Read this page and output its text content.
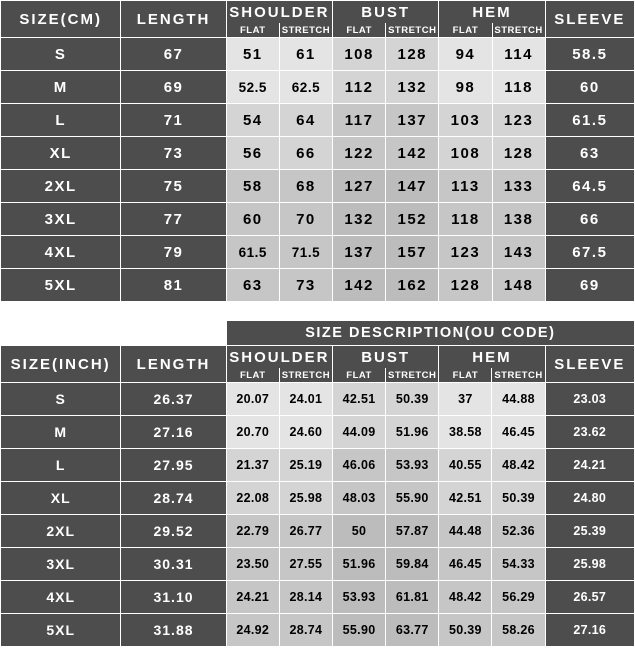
SIZE(CM)	LENGTH	SHOULDER		BUST		HEM		SLEEVE
		FLAT	STRETCH	FLAT	STRETCH	FLAT	STRETCH	
S	67	51	61	108	128	94	114	58.5
M	69	52.5	62.5	112	132	98	118	60
L	71	54	64	117	137	103	123	61.5
XL	73	56	66	122	142	108	128	63
2XL	75	58	68	127	147	113	133	64.5
3XL	77	60	70	132	152	118	138	66
4XL	79	61.5	71.5	137	157	123	143	67.5
5XL	81	63	73	142	162	128	148	69
		SIZE DESCRIPTION(OU CODE)						
SIZE(INCH)	LENGTH	SHOULDER		BUST		HEM		SLEEVE
		FLAT	STRETCH	FLAT	STRETCH	FLAT	STRETCH	
S	26.37	20.07	24.01	42.51	50.39	37	44.88	23.03
M	27.16	20.70	24.60	44.09	51.96	38.58	46.45	23.62
L	27.95	21.37	25.19	46.06	53.93	40.55	48.42	24.21
XL	28.74	22.08	25.98	48.03	55.90	42.51	50.39	24.80
2XL	29.52	22.79	26.77	50	57.87	44.48	52.36	25.39
3XL	30.31	23.50	27.55	51.96	59.84	46.45	54.33	25.98
4XL	31.10	24.21	28.14	53.93	61.81	48.42	56.29	26.57
5XL	31.88	24.92	28.74	55.90	63.77	50.39	58.26	27.16
